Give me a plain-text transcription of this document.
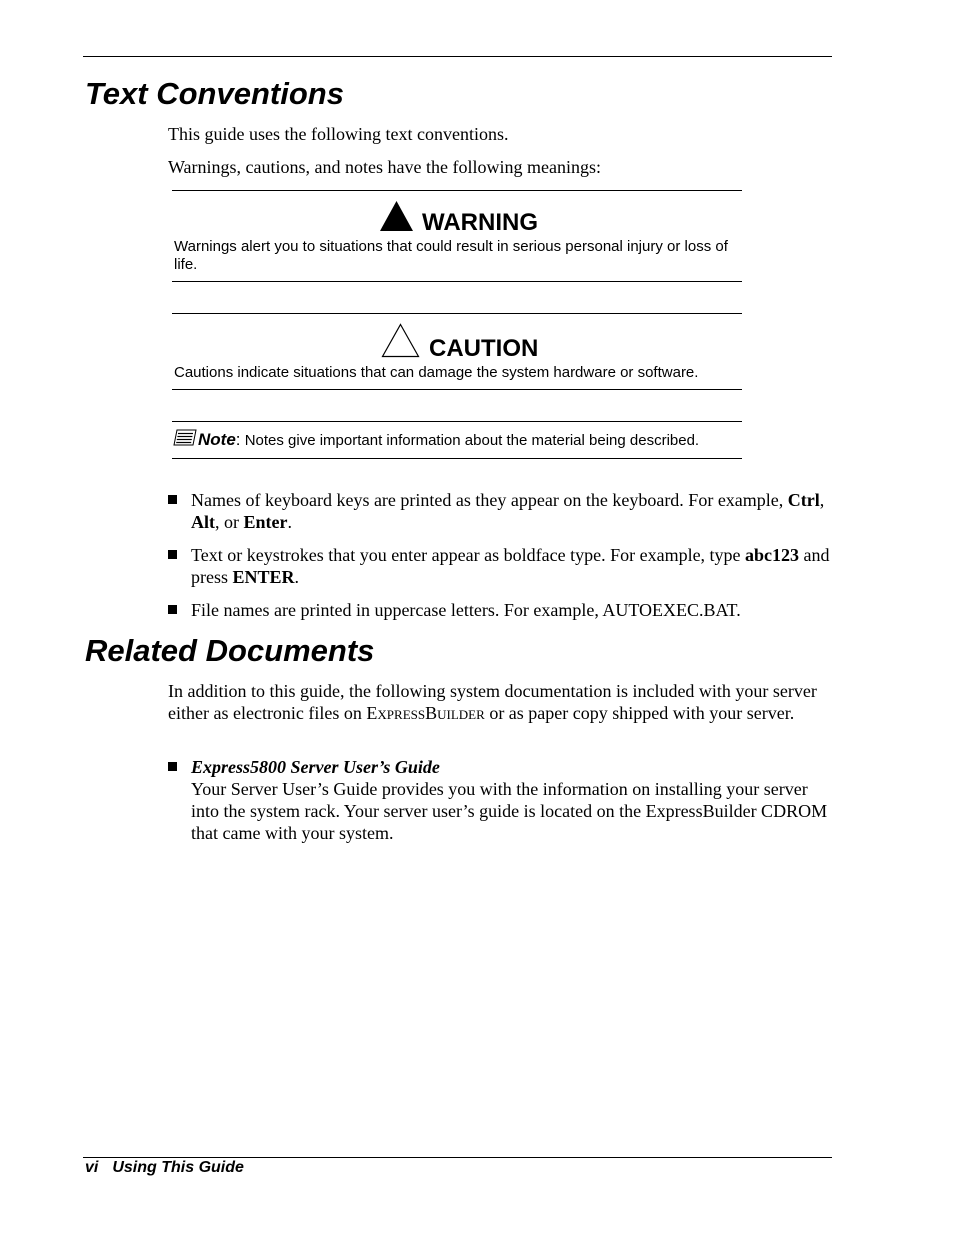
Text Conventions

This guide uses the following text conventions.

Warnings, cautions, and notes have the following meanings:

WARNING

Warnings alert you to situations that could result in serious personal injury or loss of life.

CAUTION

Cautions indicate situations that can damage the system hardware or software.

Note: Notes give important information about the material being described.

Names of keyboard keys are printed as they appear on the keyboard. For example, Ctrl, Alt, or Enter.

Text or keystrokes that you enter appear as boldface type. For example, type abc123 and press ENTER.

File names are printed in uppercase letters. For example, AUTOEXEC.BAT.

Related Documents

In addition to this guide, the following system documentation is included with your server either as electronic files on EXPRESSBUILDER or as paper copy shipped with your server.

Express5800 Server User’s Guide
Your Server User’s Guide provides you with the information on installing your server into the system rack. Your server user’s guide is located on the ExpressBuilder CDROM that came with your system.

vi Using This Guide
